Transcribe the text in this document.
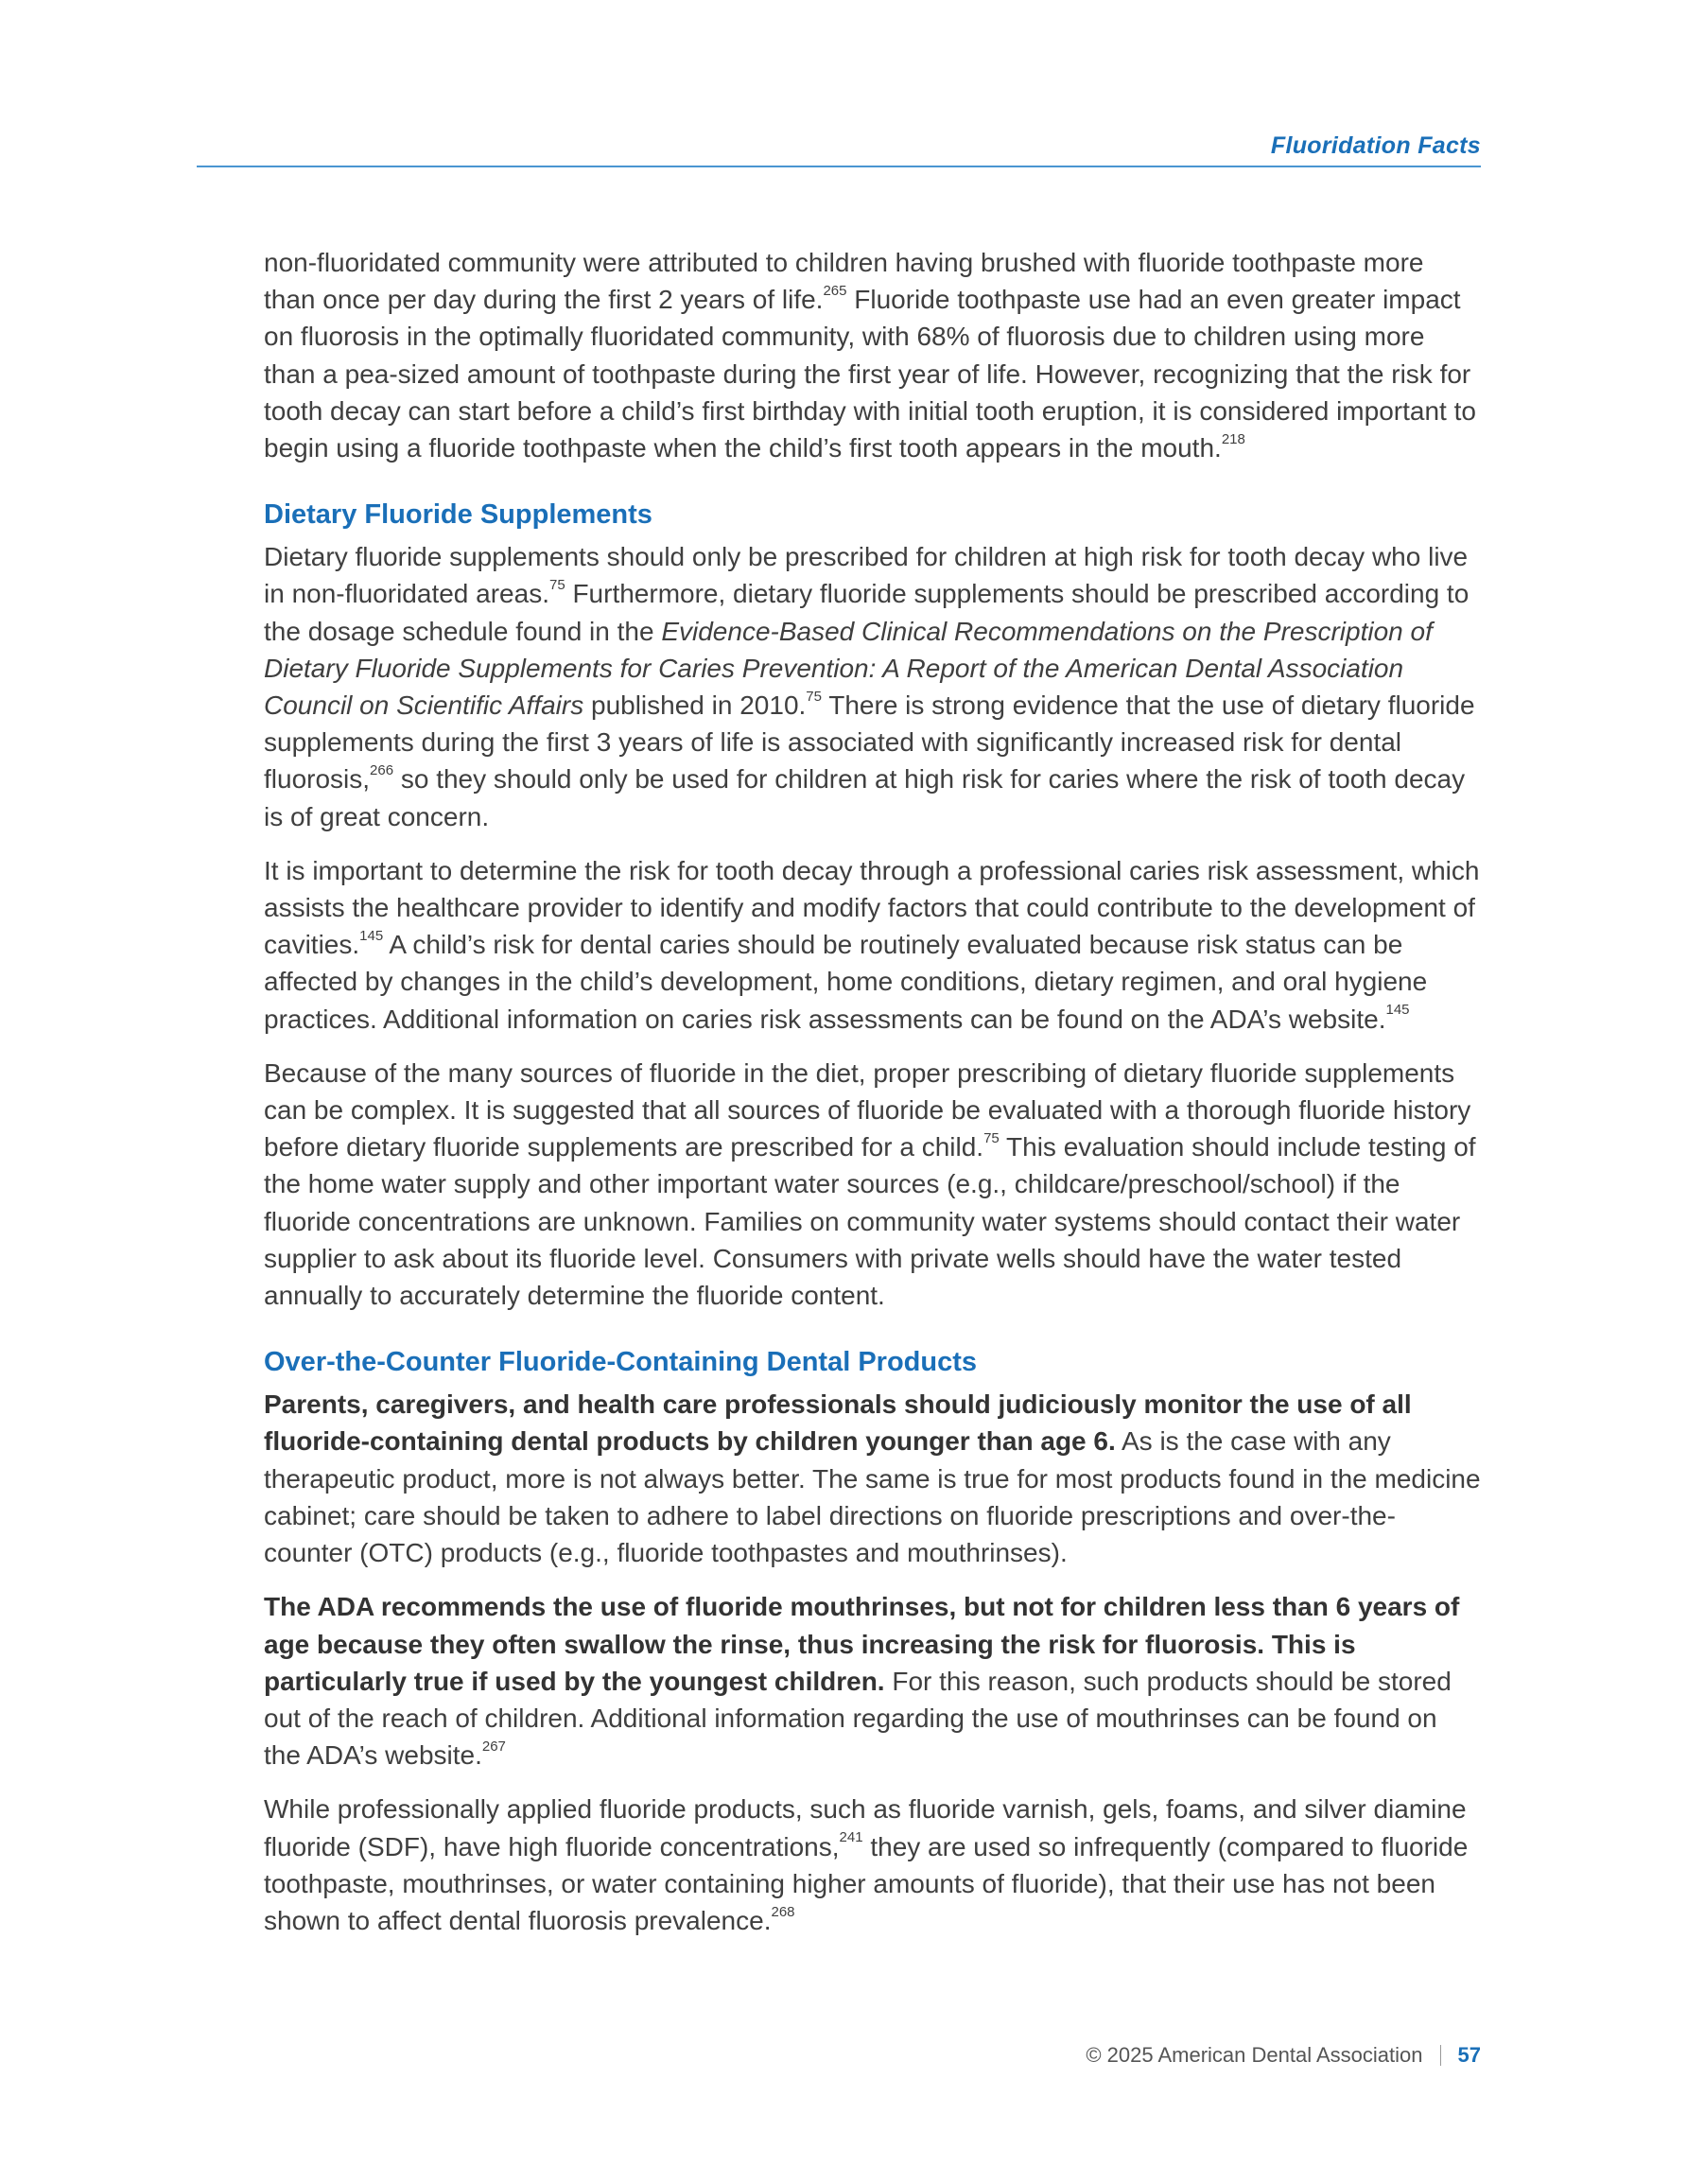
Fluoridation Facts

non-fluoridated community were attributed to children having brushed with fluoride toothpaste more than once per day during the first 2 years of life.$^{265}$ Fluoride toothpaste use had an even greater impact on fluorosis in the optimally fluoridated community, with 68% of fluorosis due to children using more than a pea-sized amount of toothpaste during the first year of life. However, recognizing that the risk for tooth decay can start before a child’s first birthday with initial tooth eruption, it is considered important to begin using a fluoride toothpaste when the child’s first tooth appears in the mouth.$^{218}$

Dietary Fluoride Supplements

Dietary fluoride supplements should only be prescribed for children at high risk for tooth decay who live in non-fluoridated areas.$^{75}$ Furthermore, dietary fluoride supplements should be prescribed according to the dosage schedule found in the Evidence-Based Clinical Recommendations on the Prescription of Dietary Fluoride Supplements for Caries Prevention: A Report of the American Dental Association Council on Scientific Affairs published in 2010.75 There is strong evidence that the use of dietary fluoride supplements during the first 3 years of life is associated with significantly increased risk for dental fluorosis,$^{266}$ so they should only be used for children at high risk for caries where the risk of tooth decay is of great concern.

It is important to determine the risk for tooth decay through a professional caries risk assessment, which assists the healthcare provider to identify and modify factors that could contribute to the development of cavities.$^{145}$ A child’s risk for dental caries should be routinely evaluated because risk status can be affected by changes in the child’s development, home conditions, dietary regimen, and oral hygiene practices. Additional information on caries risk assessments can be found on the ADA’s website.$^{145}$

Because of the many sources of fluoride in the diet, proper prescribing of dietary fluoride supplements can be complex. It is suggested that all sources of fluoride be evaluated with a thorough fluoride history before dietary fluoride supplements are prescribed for a child.$^{75}$ This evaluation should include testing of the home water supply and other important water sources (e.g., childcare/preschool/school) if the fluoride concentrations are unknown. Families on community water systems should contact their water supplier to ask about its fluoride level. Consumers with private wells should have the water tested annually to accurately determine the fluoride content.

Over-the-Counter Fluoride-Containing Dental Products

Parents, caregivers, and health care professionals should judiciously monitor the use of all fluoride-containing dental products by children younger than age 6. As is the case with any therapeutic product, more is not always better. The same is true for most products found in the medicine cabinet; care should be taken to adhere to label directions on fluoride prescriptions and over-the-counter (OTC) products (e.g., fluoride toothpastes and mouthrinses).

The ADA recommends the use of fluoride mouthrinses, but not for children less than 6 years of age because they often swallow the rinse, thus increasing the risk for fluorosis. This is particularly true if used by the youngest children. For this reason, such products should be stored out of the reach of children. Additional information regarding the use of mouthrinses can be found on the ADA’s website.$^{267}$

While professionally applied fluoride products, such as fluoride varnish, gels, foams, and silver diamine fluoride (SDF), have high fluoride concentrations,$^{241}$ they are used so infrequently (compared to fluoride toothpaste, mouthrinses, or water containing higher amounts of fluoride), that their use has not been shown to affect dental fluorosis prevalence.$^{268}$

© 2025 American Dental Association 57
